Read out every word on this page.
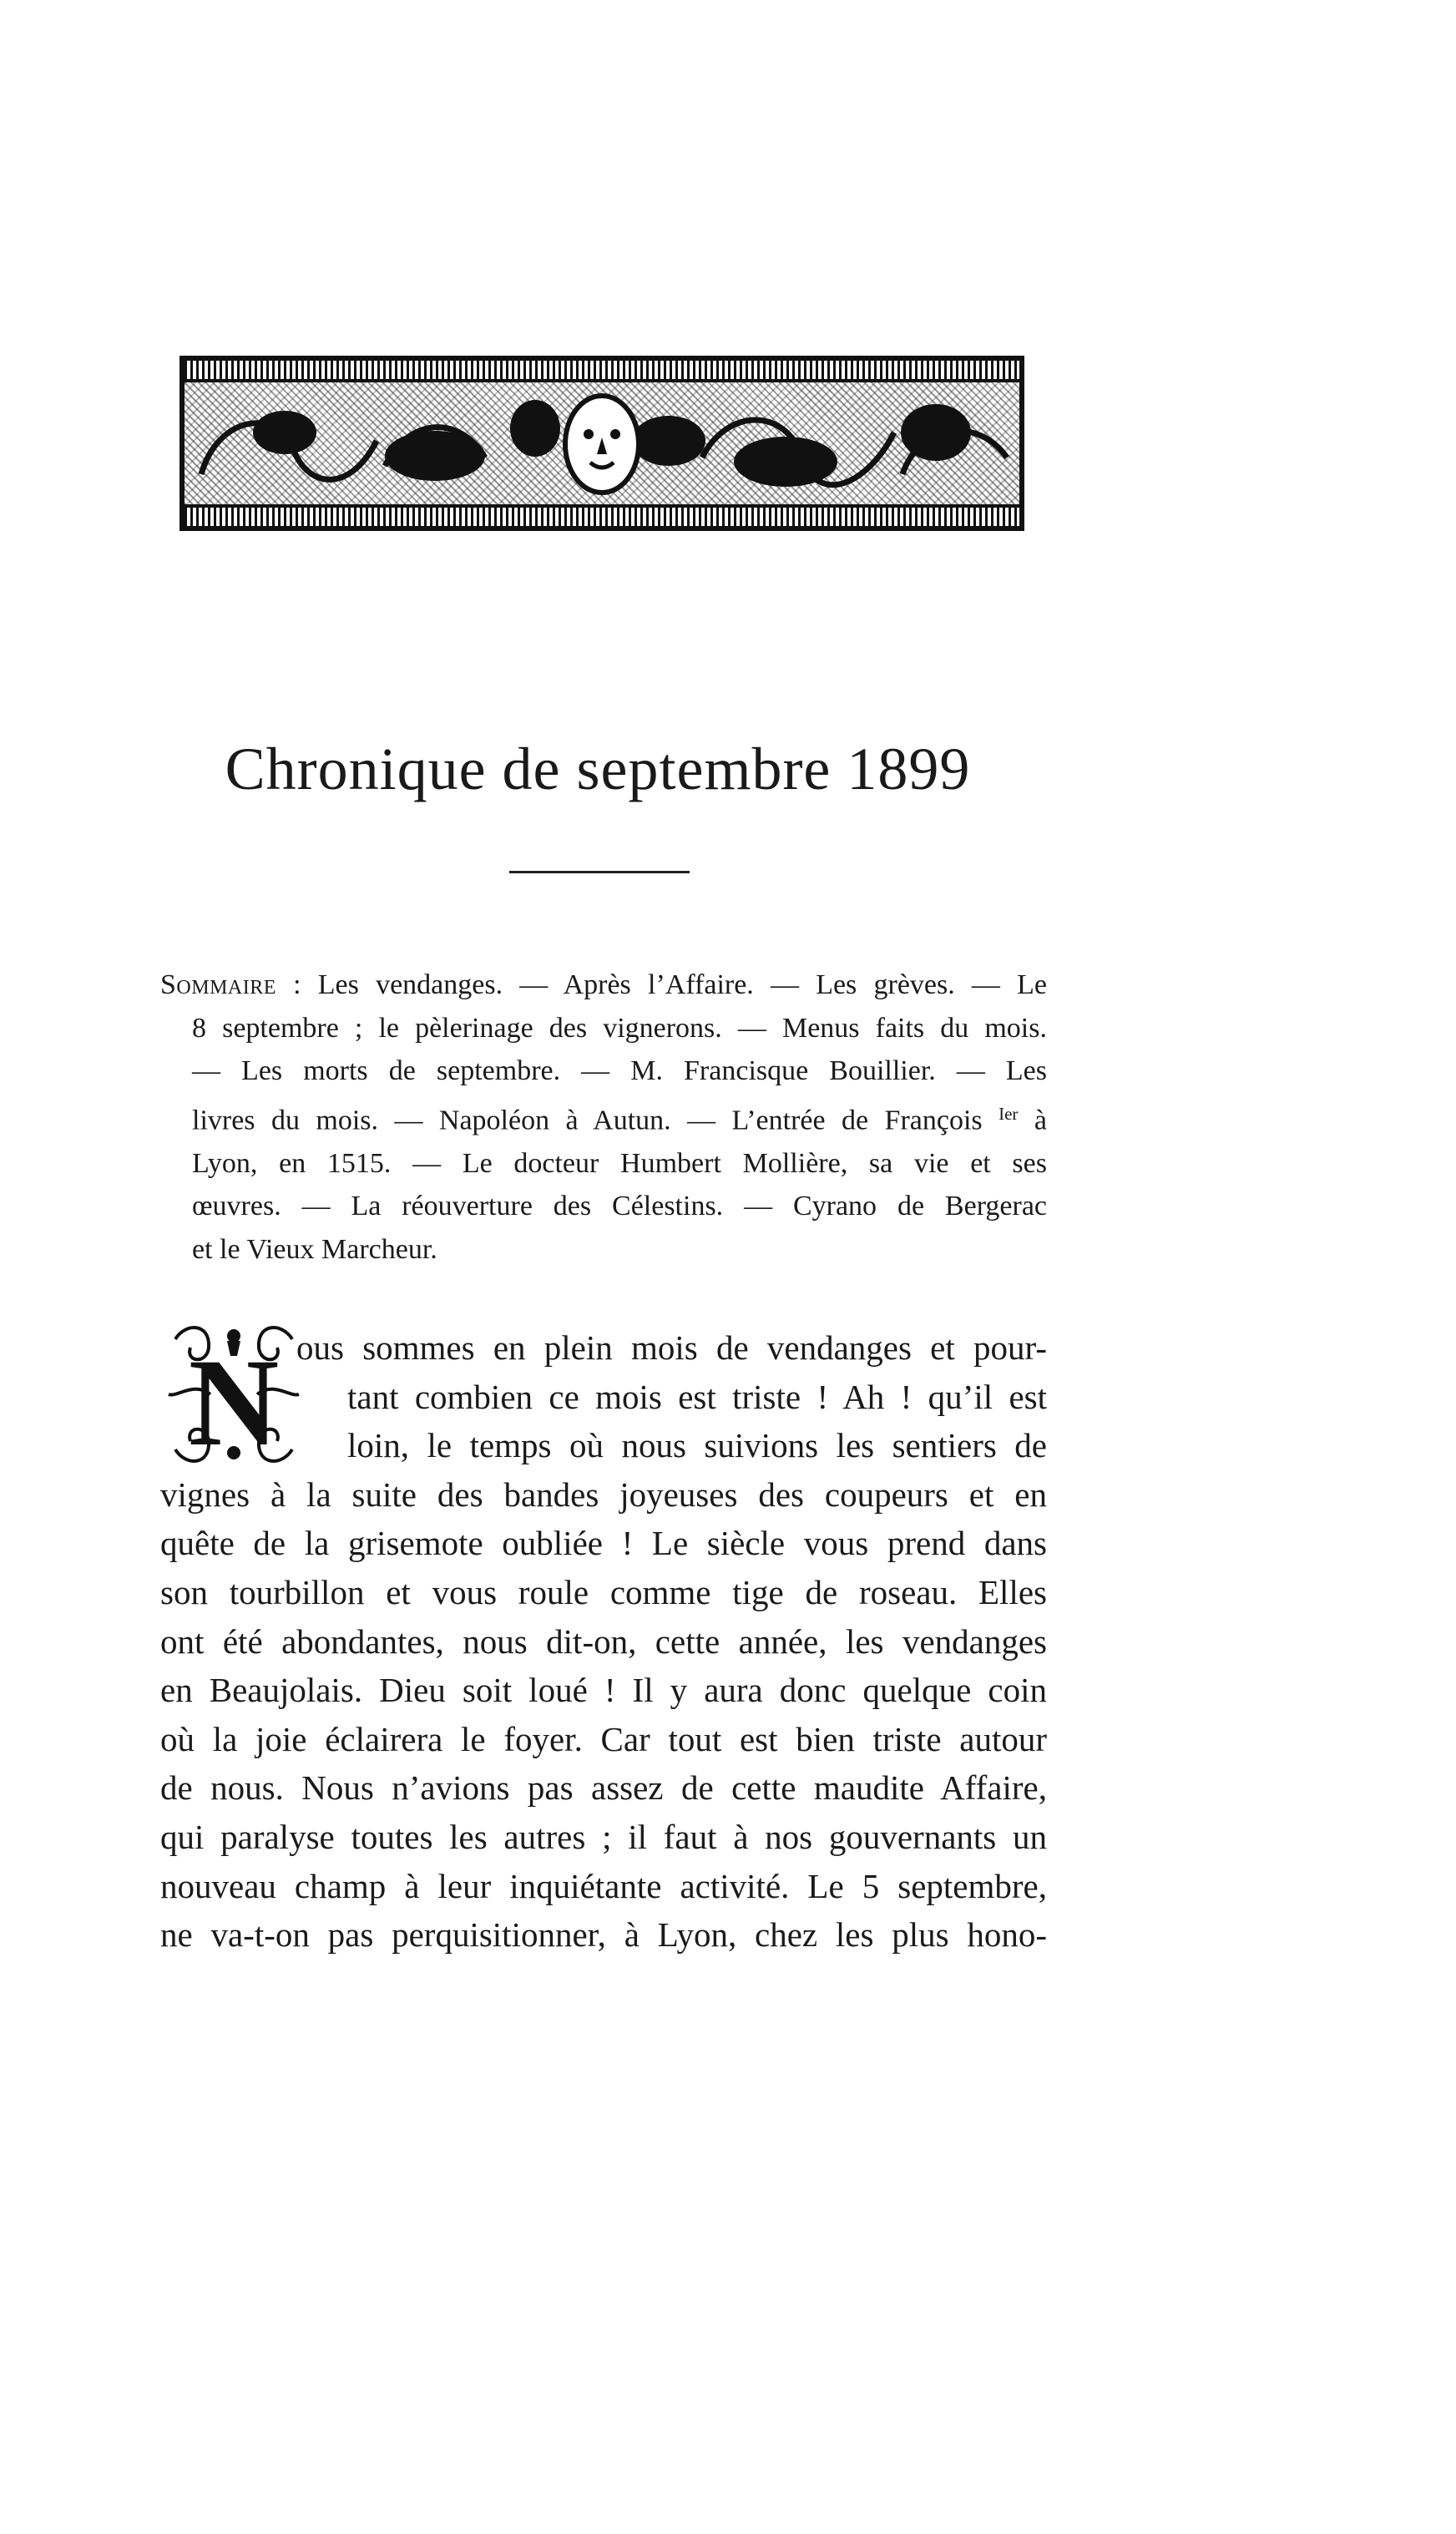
Chronique de septembre 1899
Sommaire : Les vendanges. — Après l’Affaire. — Les grèves. — Le
8 septembre ; le pèlerinage des vignerons. — Menus faits du mois.
— Les morts de septembre. — M. Francisque Bouillier. — Les
livres du mois. — Napoléon à Autun. — L’entrée de François $^{Ier}$ à
Lyon, en 1515. — Le docteur Humbert Mollière, sa vie et ses
œuvres. — La réouverture des Célestins. — Cyrano de Bergerac
et le Vieux Marcheur.
N ous sommes en plein mois de vendanges et pour-
tant combien ce mois est triste ! Ah ! qu’il est
loin, le temps où nous suivions les sentiers de
vignes à la suite des bandes joyeuses des coupeurs et en
quête de la grisemote oubliée ! Le siècle vous prend dans
son tourbillon et vous roule comme tige de roseau. Elles
ont été abondantes, nous dit-on, cette année, les vendanges
en Beaujolais. Dieu soit loué ! Il y aura donc quelque coin
où la joie éclairera le foyer. Car tout est bien triste autour
de nous. Nous n’avions pas assez de cette maudite Affaire,
qui paralyse toutes les autres ; il faut à nos gouvernants un
nouveau champ à leur inquiétante activité. Le 5 septembre,
ne va-t-on pas perquisitionner, à Lyon, chez les plus hono-
